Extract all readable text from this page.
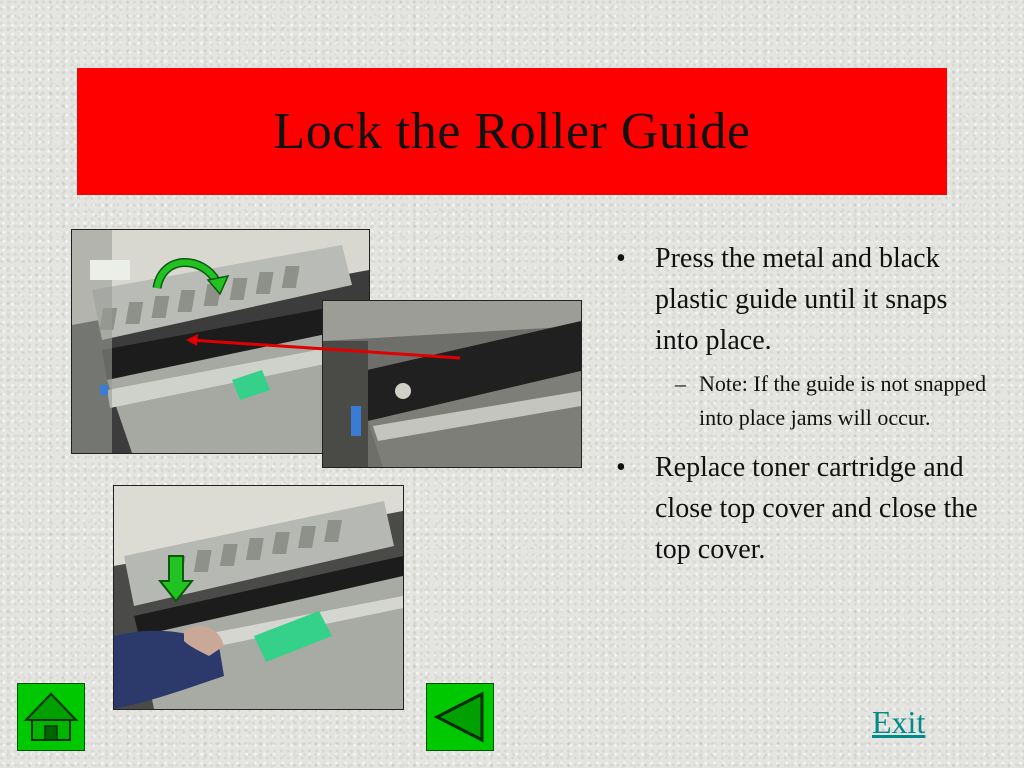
Lock the Roller Guide
• Press the metal and black plastic guide until it snaps into place.
– Note: If the guide is not snapped into place jams will occur.
• Replace toner cartridge and close top cover and close the top cover.
Exit
